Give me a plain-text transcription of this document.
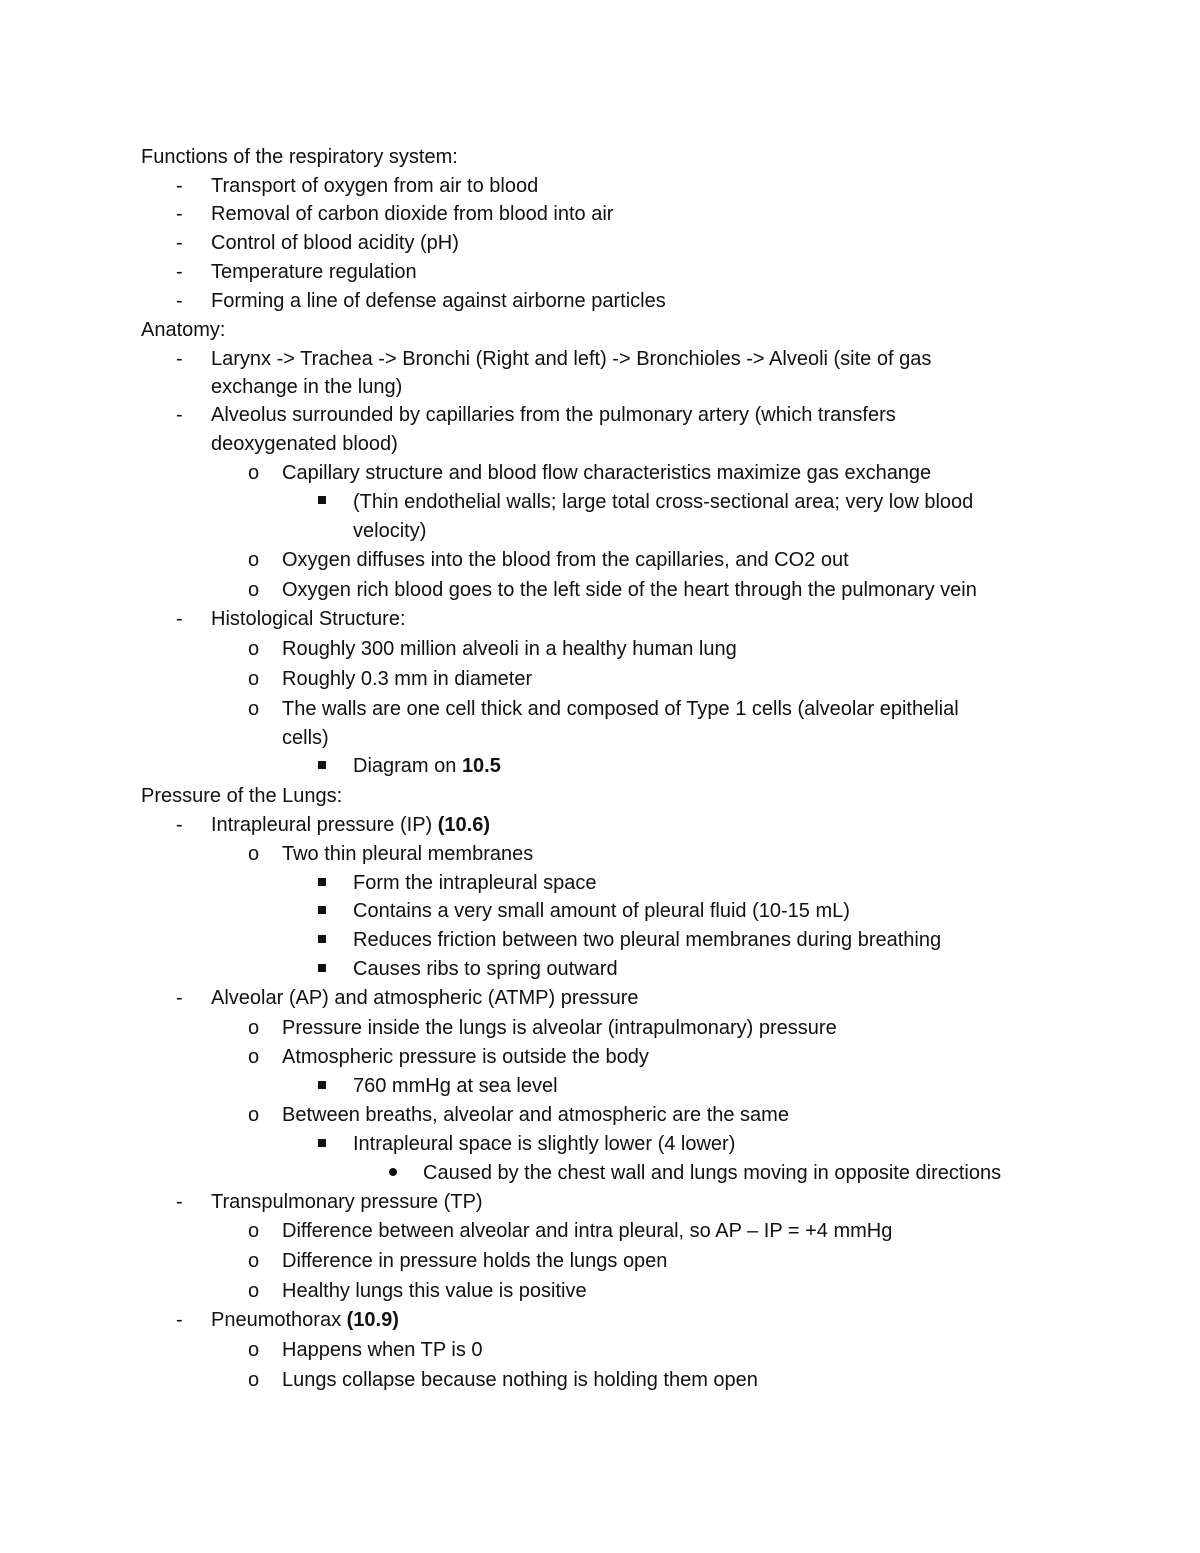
Functions of the respiratory system:
- Transport of oxygen from air to blood
- Removal of carbon dioxide from blood into air
- Control of blood acidity (pH)
- Temperature regulation
- Forming a line of defense against airborne particles
Anatomy:
- Larynx -> Trachea -> Bronchi (Right and left) -> Bronchioles -> Alveoli (site of gas
exchange in the lung)
- Alveolus surrounded by capillaries from the pulmonary artery (which transfers
deoxygenated blood)
o Capillary structure and blood flow characteristics maximize gas exchange
(Thin endothelial walls; large total cross-sectional area; very low blood
velocity)
o Oxygen diffuses into the blood from the capillaries, and CO2 out
o Oxygen rich blood goes to the left side of the heart through the pulmonary vein
- Histological Structure:
o Roughly 300 million alveoli in a healthy human lung
o Roughly 0.3 mm in diameter
o The walls are one cell thick and composed of Type 1 cells (alveolar epithelial
cells)
Diagram on 10.5
Pressure of the Lungs:
- Intrapleural pressure (IP) (10.6)
o Two thin pleural membranes
Form the intrapleural space
Contains a very small amount of pleural fluid (10-15 mL)
Reduces friction between two pleural membranes during breathing
Causes ribs to spring outward
- Alveolar (AP) and atmospheric (ATMP) pressure
o Pressure inside the lungs is alveolar (intrapulmonary) pressure
o Atmospheric pressure is outside the body
760 mmHg at sea level
o Between breaths, alveolar and atmospheric are the same
Intrapleural space is slightly lower (4 lower)
Caused by the chest wall and lungs moving in opposite directions
- Transpulmonary pressure (TP)
o Difference between alveolar and intra pleural, so AP – IP = +4 mmHg
o Difference in pressure holds the lungs open
o Healthy lungs this value is positive
- Pneumothorax (10.9)
o Happens when TP is 0
o Lungs collapse because nothing is holding them open
